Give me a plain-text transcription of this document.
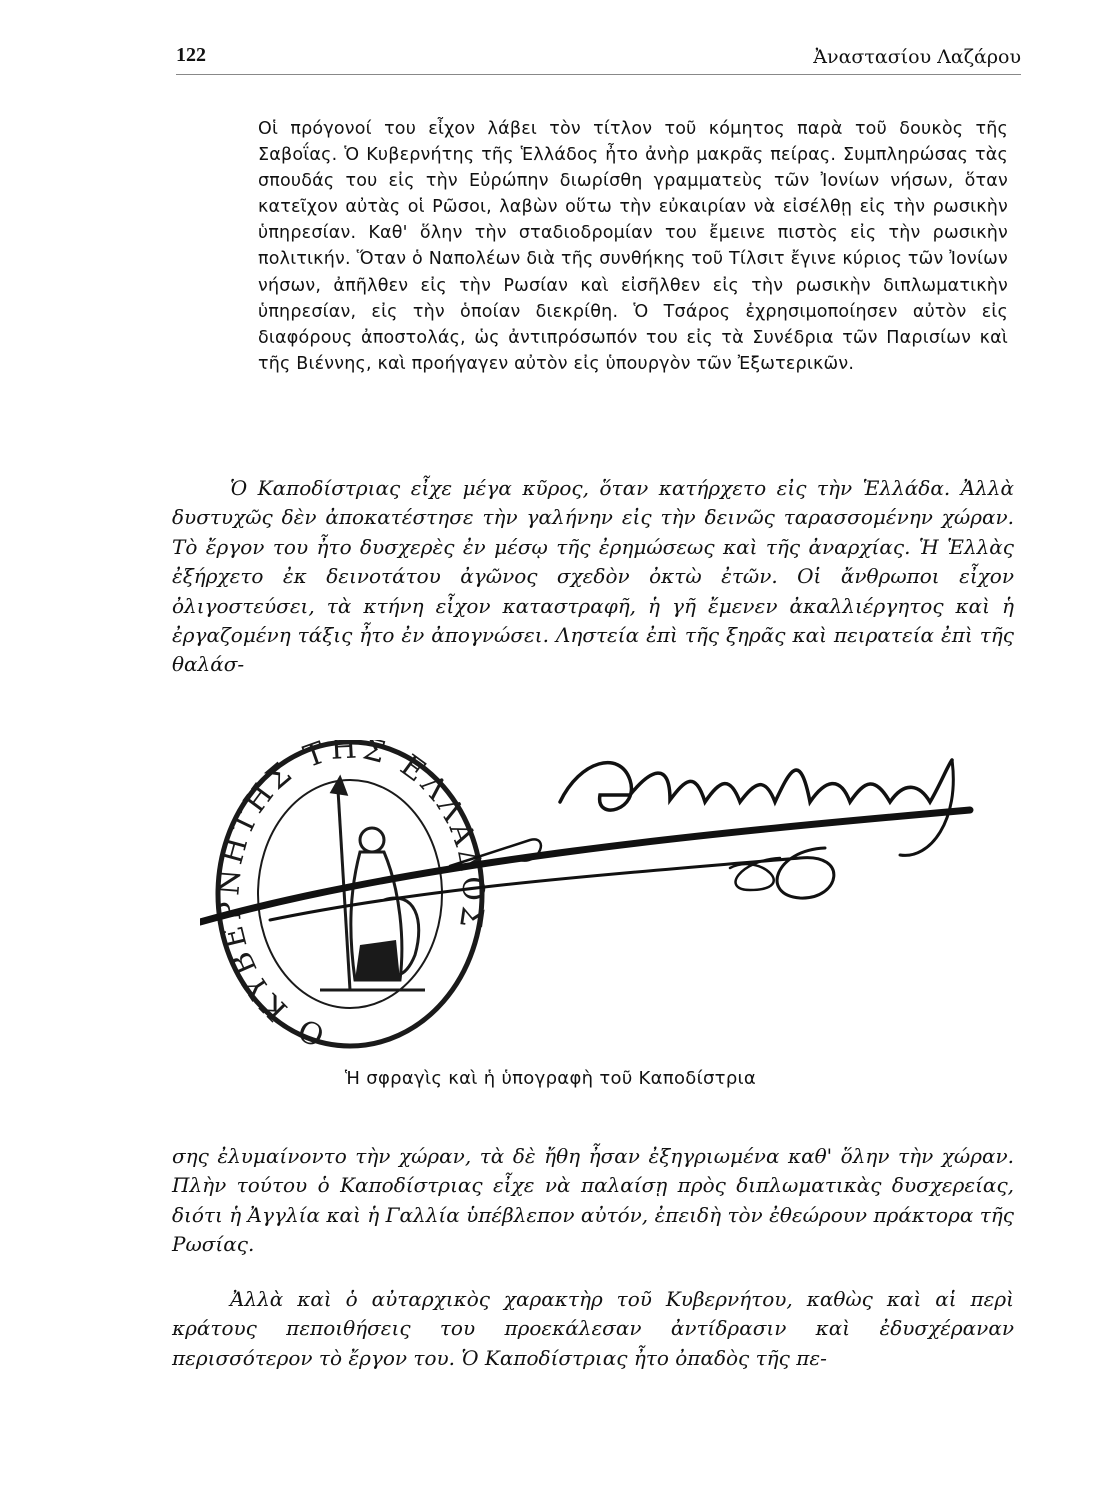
122	Ἀναστασίου Λαζάρου

Οἱ πρόγονοί του εἶχον λάβει τὸν τίτλον τοῦ κόμητος παρὰ τοῦ δουκὸς τῆς Σαβοΐας. Ὁ Κυβερνήτης τῆς Ἑλλάδος ἦτο ἀνὴρ μακρᾶς πείρας. Συμπληρώσας τὰς σπουδάς του εἰς τὴν Εὐρώπην διωρίσθη γραμματεὺς τῶν Ἰονίων νήσων, ὅταν κατεῖχον αὐτὰς οἱ Ρῶσοι, λαβὼν οὕτω τὴν εὐκαιρίαν νὰ εἰσέλθῃ εἰς τὴν ρωσικὴν ὑπηρεσίαν. Καθ' ὅλην τὴν σταδιοδρομίαν του ἔμεινε πιστὸς εἰς τὴν ρωσικὴν πολιτικήν. Ὅταν ὁ Ναπολέων διὰ τῆς συνθήκης τοῦ Τίλσιτ ἔγινε κύριος τῶν Ἰονίων νήσων, ἀπῆλθεν εἰς τὴν Ρωσίαν καὶ εἰσῆλθεν εἰς τὴν ρωσικὴν διπλωματικὴν ὑπηρεσίαν, εἰς τὴν ὁποίαν διεκρίθη. Ὁ Τσάρος ἐχρησιμοποίησεν αὐτὸν εἰς διαφόρους ἀποστολάς, ὡς ἀντιπρόσωπόν του εἰς τὰ Συνέδρια τῶν Παρισίων καὶ τῆς Βιέννης, καὶ προήγαγεν αὐτὸν εἰς ὑπουργὸν τῶν Ἐξωτερικῶν.

Ὁ Καποδίστριας εἶχε μέγα κῦρος, ὅταν κατήρχετο εἰς τὴν Ἑλλάδα. Ἀλλὰ δυστυχῶς δὲν ἀποκατέστησε τὴν γαλήνην εἰς τὴν δεινῶς ταρασσομένην χώραν. Τὸ ἔργον του ἦτο δυσχερὲς ἐν μέσῳ τῆς ἐρημώσεως καὶ τῆς ἀναρχίας. Ἡ Ἑλλὰς ἐξήρχετο ἐκ δεινοτάτου ἀγῶνος σχεδὸν ὀκτὼ ἐτῶν. Οἱ ἄνθρωποι εἶχον ὀλιγοστεύσει, τὰ κτήνη εἶχον καταστραφῆ, ἡ γῆ ἔμενεν ἀκαλλιέργητος καὶ ἡ ἐργαζομένη τάξις ἦτο ἐν ἀπογνώσει. Ληστεία ἐπὶ τῆς ξηρᾶς καὶ πειρατεία ἐπὶ τῆς θαλάσ-

Ο ΚΥΒΕΡΝΗΤΗΣ ΤΗΣ ΕΛΛΑΔΟΣ
Ἡ σφραγὶς καὶ ἡ ὑπογραφὴ τοῦ Καποδίστρια

σης ἐλυμαίνοντο τὴν χώραν, τὰ δὲ ἤθη ἦσαν ἐξηγριωμένα καθ' ὅλην τὴν χώραν. Πλὴν τούτου ὁ Καποδίστριας εἶχε νὰ παλαίσῃ πρὸς διπλωματικὰς δυσχερείας, διότι ἡ Ἀγγλία καὶ ἡ Γαλλία ὑπέβλεπον αὐτόν, ἐπειδὴ τὸν ἐθεώρουν πράκτορα τῆς Ρωσίας.

Ἀλλὰ καὶ ὁ αὐταρχικὸς χαρακτὴρ τοῦ Κυβερνήτου, καθὼς καὶ αἱ περὶ κράτους πεποιθήσεις του προεκάλεσαν ἀντίδρασιν καὶ ἐδυσχέραναν περισσότερον τὸ ἔργον του. Ὁ Καποδίστριας ἦτο ὀπαδὸς τῆς πε-
